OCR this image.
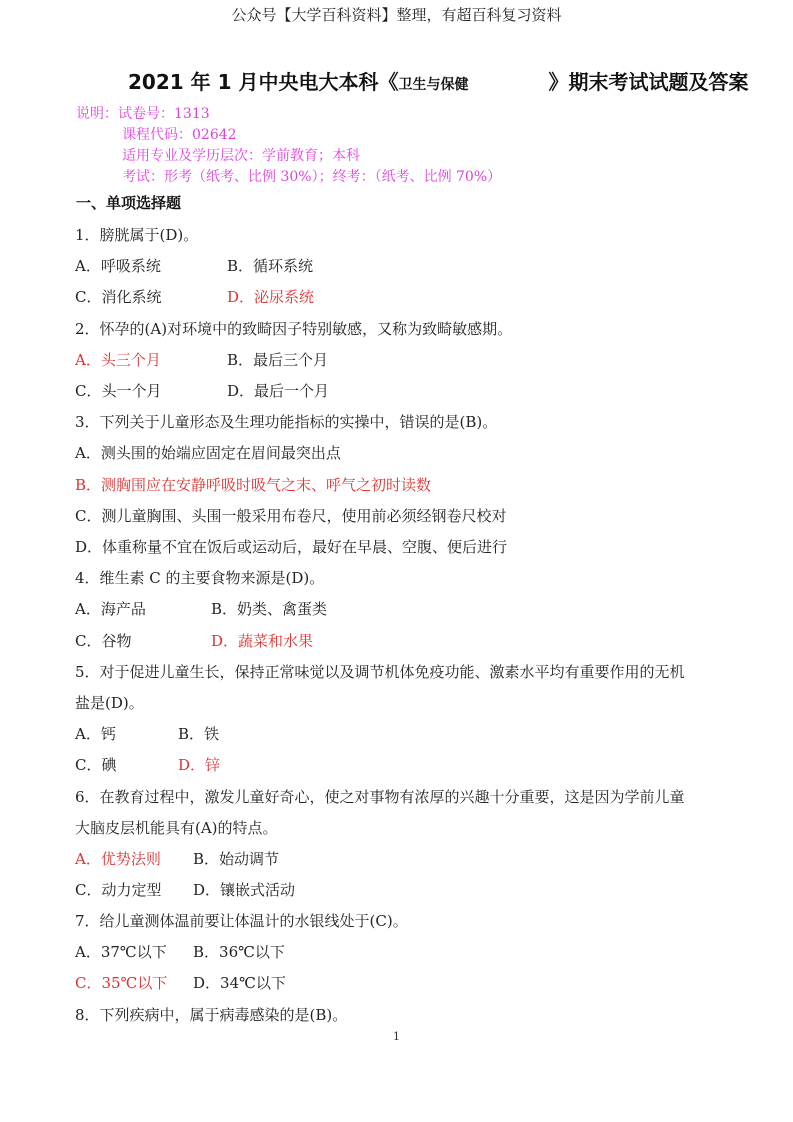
公众号【大学百科资料】整理，有超百科复习资料
2021 年 1 月中央电大本科《卫生与保健	》期末考试试题及答案
说明：试卷号：1313
课程代码：02642
适用专业及学历层次：学前教育；本科
考试：形考（纸考、比例 30%）；终考：（纸考、比例 70%）
一、单项选择题
1．膀胱属于(D)。
A．呼吸系统	B．循环系统
C．消化系统	D．泌尿系统
2．怀孕的(A)对环境中的致畸因子特别敏感，又称为致畸敏感期。
A．头三个月	B．最后三个月
C．头一个月	D．最后一个月
3．下列关于儿童形态及生理功能指标的实操中，错误的是(B)。
A．测头围的始端应固定在眉间最突出点
B．测胸围应在安静呼吸时吸气之末、呼气之初时读数
C．测儿童胸围、头围一般采用布卷尺，使用前必须经钢卷尺校对
D．体重称量不宜在饭后或运动后，最好在早晨、空腹、便后进行
4．维生素 C 的主要食物来源是(D)。
A．海产品	B．奶类、禽蛋类
C．谷物	D．蔬菜和水果
5．对于促进儿童生长，保持正常味觉以及调节机体免疫功能、激素水平均有重要作用的无机
盐是(D)。
A．钙	B．铁
C．碘	D．锌
6．在教育过程中，激发儿童好奇心，使之对事物有浓厚的兴趣十分重要，这是因为学前儿童
大脑皮层机能具有(A)的特点。
A．优势法则 B．始动调节
C．动力定型 D．镶嵌式活动
7．给儿童测体温前要让体温计的水银线处于(C)。
A．37℃以下 B．36℃以下
C．35℃以下 D．34℃以下
8．下列疾病中，属于病毒感染的是(B)。
1
